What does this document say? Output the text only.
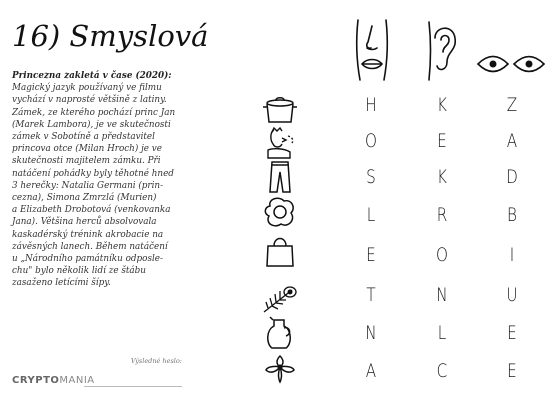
16) Smyslová
Princezna zakletá v čase (2020):
Magický jazyk používaný ve filmu
vychází v naprosté většině z latiny.
Zámek, ze kterého pochází princ Jan
(Marek Lambora), je ve skutečnosti
zámek v Sobotíně a představitel
princova otce (Milan Hroch) je ve
skutečnosti majitelem zámku. Při
natáčení pohádky byly těhotné hned
3 herečky: Natalia Germani (prin-
cezna), Simona Zmrzlá (Murien)
a Elizabeth Drobotová (venkovanka
Jana). Většina herců absolvovala
kaskadérský trénink akrobacie na
závěsných lanech. Během natáčení
u „Národního památníku odposle-
chu" bylo několik lidí ze štábu
zasaženo letícími šípy.
Výsledné heslo:
CRYPTOMANIA
H
O
S
L
E
T
N
A
K
E
K
R
O
N
L
C
Z
A
D
B
I
U
E
E
